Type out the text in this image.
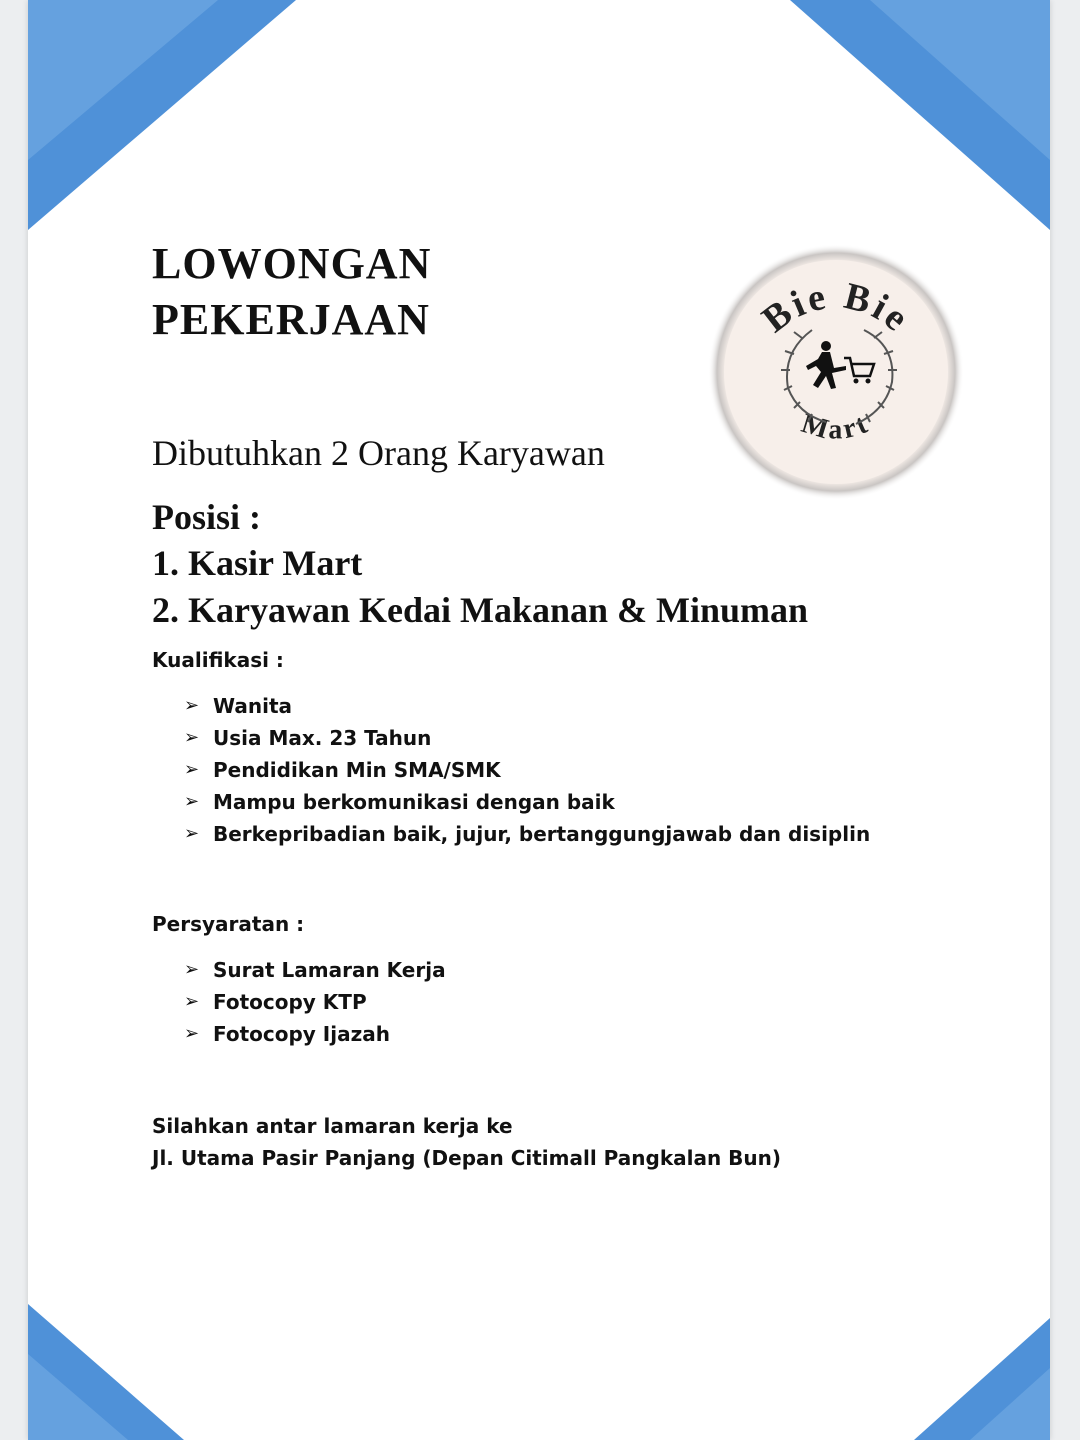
LOWONGAN
PEKERJAAN	Bie Bie
Mart
Dibutuhkan 2 Orang Karyawan
Posisi :
1. Kasir Mart
2. Karyawan Kedai Makanan & Minuman
Kualifikasi :
➢ Wanita
➢ Usia Max. 23 Tahun
➢ Pendidikan Min SMA/SMK
➢ Mampu berkomunikasi dengan baik
➢ Berkepribadian baik, jujur, bertanggungjawab dan disiplin
Persyaratan :
➢ Surat Lamaran Kerja
➢ Fotocopy KTP
➢ Fotocopy Ijazah
Silahkan antar lamaran kerja ke
Jl. Utama Pasir Panjang (Depan Citimall Pangkalan Bun)
